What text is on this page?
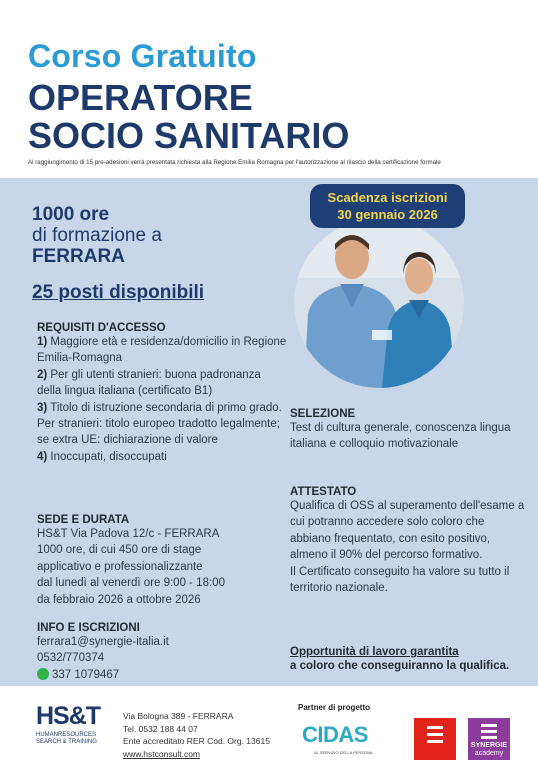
Corso Gratuito
OPERATORE
SOCIO SANITARIO
Al raggiungimento di 15 pre-adesioni verrà presentata richiesta alla Regione Emilia Romagna per l'autorizzazione al rilascio della certificazione formale
Scadenza iscrizioni
30 gennaio 2026
1000 ore
di formazione a
FERRARA
25 posti disponibili
REQUISITI D'ACCESSO
1) Maggiore età e residenza/domicilio in Regione Emilia-Romagna
2) Per gli utenti stranieri: buona padronanza della lingua italiana (certificato B1)
3) Titolo di istruzione secondaria di primo grado. Per stranieri: titolo europeo tradotto legalmente; se extra UE: dichiarazione di valore
4) Inoccupati, disoccupati
SEDE E DURATA
HS&T Via Padova 12/c - FERRARA
1000 ore, di cui 450 ore di stage
applicativo e professionalizzante
dal lunedì al venerdì ore 9:00 - 18:00
da febbraio 2026 a ottobre 2026
INFO E ISCRIZIONI
ferrara1@synergie-italia.it
0532/770374
337 1079467
SELEZIONE
Test di cultura generale, conoscenza lingua italiana e colloquio motivazionale
ATTESTATO
Qualifica di OSS al superamento dell'esame a cui potranno accedere solo coloro che abbiano frequentato, con esito positivo, almeno il 90% del percorso formativo.
Il Certificato conseguito ha valore su tutto il territorio nazionale.
Opportunità di lavoro garantita
a coloro che conseguiranno la qualifica.
HS&T
HUMANRESOURCES
SEARCH & TRAINING
Via Bologna 389 - FERRARA
Tel. 0532 188 44 07
Ente accreditato RER Cod. Org. 13615
www.hstconsult.com
Partner di progetto
CIDAS
AL SERVIZIO DELLA PERSONA	SYNERGIE
SYNERGIE
academy
